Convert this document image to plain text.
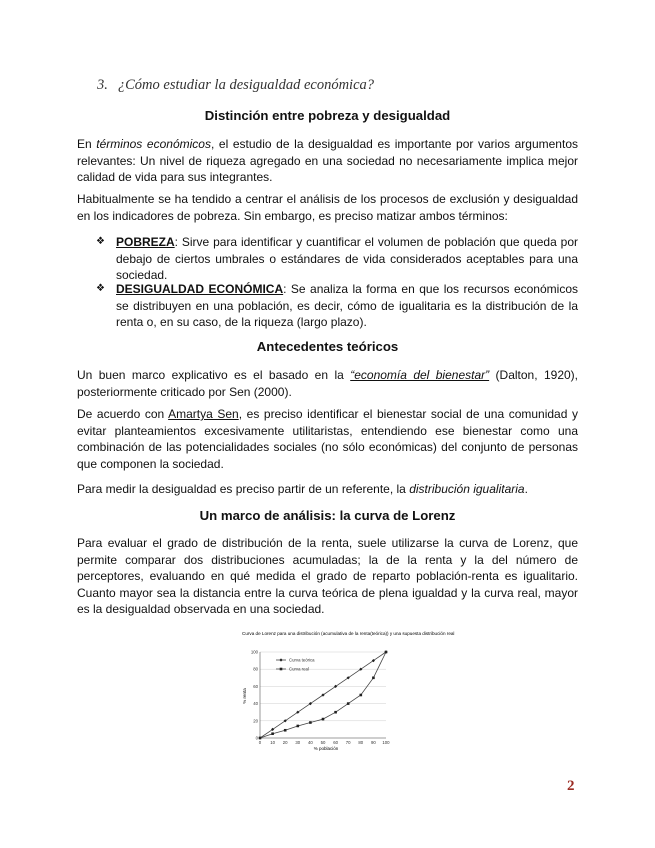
3. ¿Cómo estudiar la desigualdad económica?
Distinción entre pobreza y desigualdad

En términos económicos, el estudio de la desigualdad es importante por varios argumentos relevantes: Un nivel de riqueza agregado en una sociedad no necesariamente implica mejor calidad de vida para sus integrantes.

Habitualmente se ha tendido a centrar el análisis de los procesos de exclusión y desigualdad en los indicadores de pobreza. Sin embargo, es preciso matizar ambos términos:

❖ POBREZA: Sirve para identificar y cuantificar el volumen de población que queda por debajo de ciertos umbrales o estándares de vida considerados aceptables para una sociedad.
❖ DESIGUALDAD ECONÓMICA: Se analiza la forma en que los recursos económicos se distribuyen en una población, es decir, cómo de igualitaria es la distribución de la renta o, en su caso, de la riqueza (largo plazo).
Antecedentes teóricos

Un buen marco explicativo es el basado en la “economía del bienestar” (Dalton, 1920), posteriormente criticado por Sen (2000).

De acuerdo con Amartya Sen, es preciso identificar el bienestar social de una comunidad y evitar planteamientos excesivamente utilitaristas, entendiendo ese bienestar como una combinación de las potencialidades sociales (no sólo económicas) del conjunto de personas que componen la sociedad.

Para medir la desigualdad es preciso partir de un referente, la distribución igualitaria.

Un marco de análisis: la curva de Lorenz

Para evaluar el grado de distribución de la renta, suele utilizarse la curva de Lorenz, que permite comparar dos distribuciones acumuladas; la de la renta y la del número de perceptores, evaluando en qué medida el grado de reparto población-renta es igualitario. Cuanto mayor sea la distancia entre la curva teórica de plena igualdad y la curva real, mayor es la desigualdad observada en una sociedad.

Curva de Lorenz para una distribución (acumulativa de la renta(teórica)) y una supuesta distribución real
0
20
40
60
80
100
0 10 20 30 40 50 60 70 80 90 100
Curva teórica
Curva real
% población
% renta
2
